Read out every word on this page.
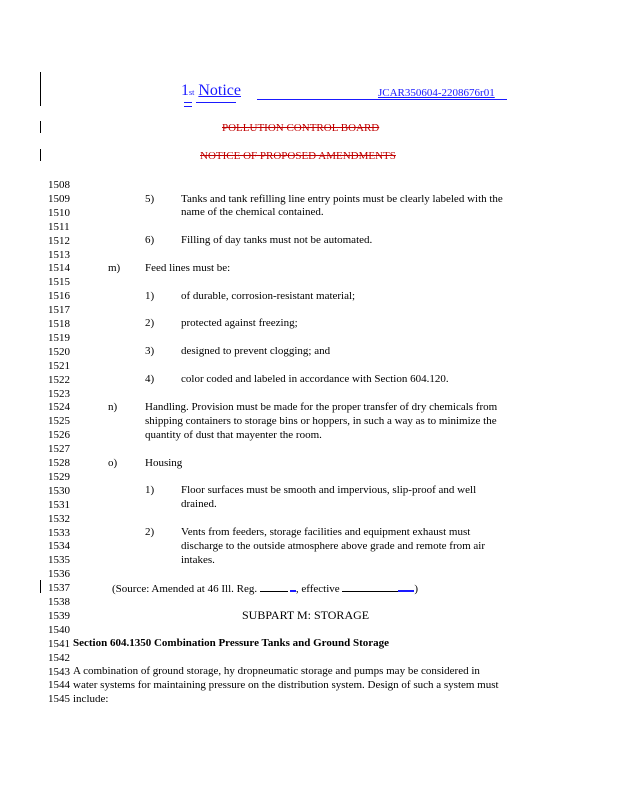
1st Notice	JCAR350604-2208676r01
POLLUTION CONTROL BOARD
NOTICE OF PROPOSED AMENDMENTS
1508
1509
1510
1511
1512
1513
1514
1515
1516
1517
1518
1519
1520
1521
1522
1523
1524
1525
1526
1527
1528
1529
1530
1531
1532
1533
1534
1535
1536
1537
1538
1539
1540
1541
1542
1543
1544
1545
5) Tanks and tank refilling line entry points must be clearly labeled with the
name of the chemical contained.
6) Filling of day tanks must not be automated.
m) Feed lines must be:
1) of durable, corrosion-resistant material;
2) protected against freezing;
3) designed to prevent clogging; and
4) color coded and labeled in accordance with Section 604.120.
n)	Handling. Provision must be made for the proper transfer of dry chemicals from
shipping containers to storage bins or hoppers, in such a way as to minimize the
quantity of dust that mayenter the room.
o)	Housing
1) Floor surfaces must be smooth and impervious, slip-proof and well
drained.
2) Vents from feeders, storage facilities and equipment exhaust must
discharge to the outside atmosphere above grade and remote from air
intakes.
(Source: Amended at 46 Ill. Reg.	, effective	)
SUBPART M: STORAGE
Section 604.1350 Combination Pressure Tanks and Ground Storage
A combination of ground storage, hy dropneumatic storage and pumps may be considered in
water systems for maintaining pressure on the distribution system. Design of such a system must
include:
